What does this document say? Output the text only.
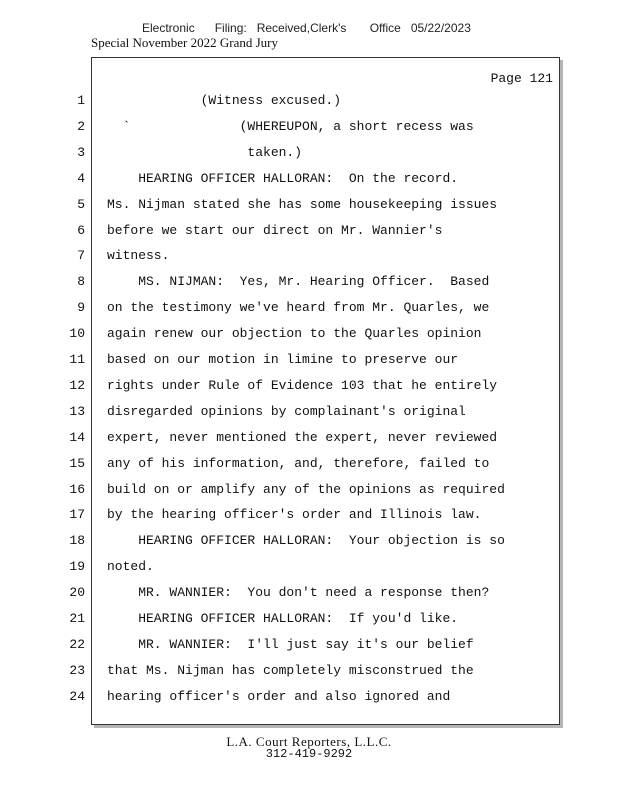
Electronic      Filing:   Received,Clerk's       Office   05/22/2023
Special November 2022 Grand Jury
Page 121
1
2
3
4
5
6
7
8
9
10
11
12
13
14
15
16
17
18
19
20
21
22
23
24
(Witness excused.)
`              (WHEREUPON, a short recess was
taken.)
HEARING OFFICER HALLORAN:  On the record.
Ms. Nijman stated she has some housekeeping issues
before we start our direct on Mr. Wannier's
witness.
MS. NIJMAN:  Yes, Mr. Hearing Officer.  Based
on the testimony we've heard from Mr. Quarles, we
again renew our objection to the Quarles opinion
based on our motion in limine to preserve our
rights under Rule of Evidence 103 that he entirely
disregarded opinions by complainant's original
expert, never mentioned the expert, never reviewed
any of his information, and, therefore, failed to
build on or amplify any of the opinions as required
by the hearing officer's order and Illinois law.
HEARING OFFICER HALLORAN:  Your objection is so
noted.
MR. WANNIER:  You don't need a response then?
HEARING OFFICER HALLORAN:  If you'd like.
MR. WANNIER:  I'll just say it's our belief
that Ms. Nijman has completely misconstrued the
hearing officer's order and also ignored and
L.A. Court Reporters, L.L.C.
312-419-9292
